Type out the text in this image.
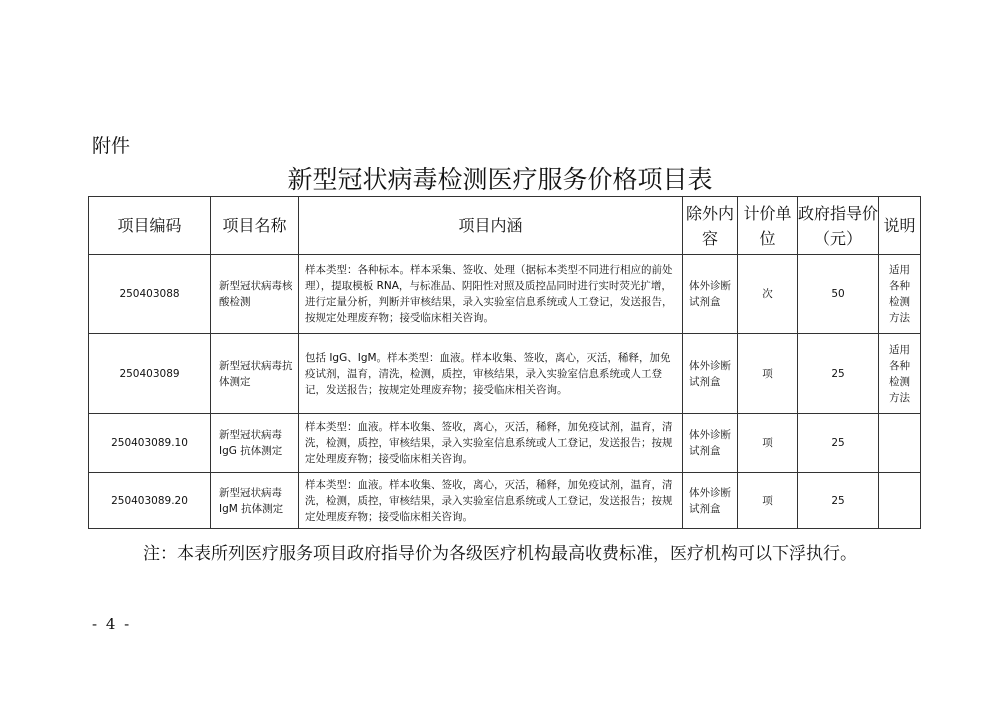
附件
新型冠状病毒检测医疗服务价格项目表
项目编码	项目名称	项目内涵	除外内容	计价单位	政府指导价（元）	说明
250403088	新型冠状病毒核酸检测	样本类型：各种标本。样本采集、签收、处理（据标本类型不同进行相应的前处理），提取模板 RNA，与标准品、阴阳性对照及质控品同时进行实时荧光扩增，进行定量分析，判断并审核结果，录入实验室信息系统或人工登记，发送报告，按规定处理废弃物；接受临床相关咨询。	体外诊断试剂盒	次	50	适用各种检测方法
250403089	新型冠状病毒抗体测定	包括 IgG、IgM。样本类型：血液。样本收集、签收，离心，灭活，稀释，加免疫试剂，温育，清洗，检测，质控，审核结果，录入实验室信息系统或人工登记，发送报告；按规定处理废弃物；接受临床相关咨询。	体外诊断试剂盒	项	25	适用各种检测方法
250403089.10	新型冠状病毒 IgG 抗体测定	样本类型：血液。样本收集、签收，离心，灭活，稀释，加免疫试剂，温育，清洗，检测，质控，审核结果，录入实验室信息系统或人工登记，发送报告；按规定处理废弃物；接受临床相关咨询。	体外诊断试剂盒	项	25	
250403089.20	新型冠状病毒 IgM 抗体测定	样本类型：血液。样本收集、签收，离心，灭活，稀释，加免疫试剂，温育，清洗，检测，质控，审核结果，录入实验室信息系统或人工登记，发送报告；按规定处理废弃物；接受临床相关咨询。	体外诊断试剂盒	项	25	
注：本表所列医疗服务项目政府指导价为各级医疗机构最高收费标准，医疗机构可以下浮执行。
- 4 -
